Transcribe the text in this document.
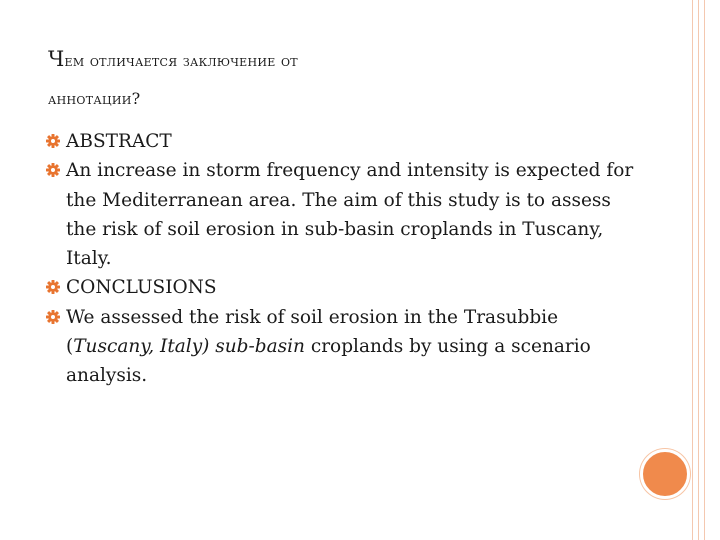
Чем отличается заключение от
аннотации?
ABSTRACT
An increase in storm frequency and intensity is expected for the Mediterranean area. The aim of this study is to assess the risk of soil erosion in sub-basin croplands in Tuscany, Italy.
CONCLUSIONS
We assessed the risk of soil erosion in the Trasubbie (Tuscany, Italy) sub-basin croplands by using a scenario analysis.
